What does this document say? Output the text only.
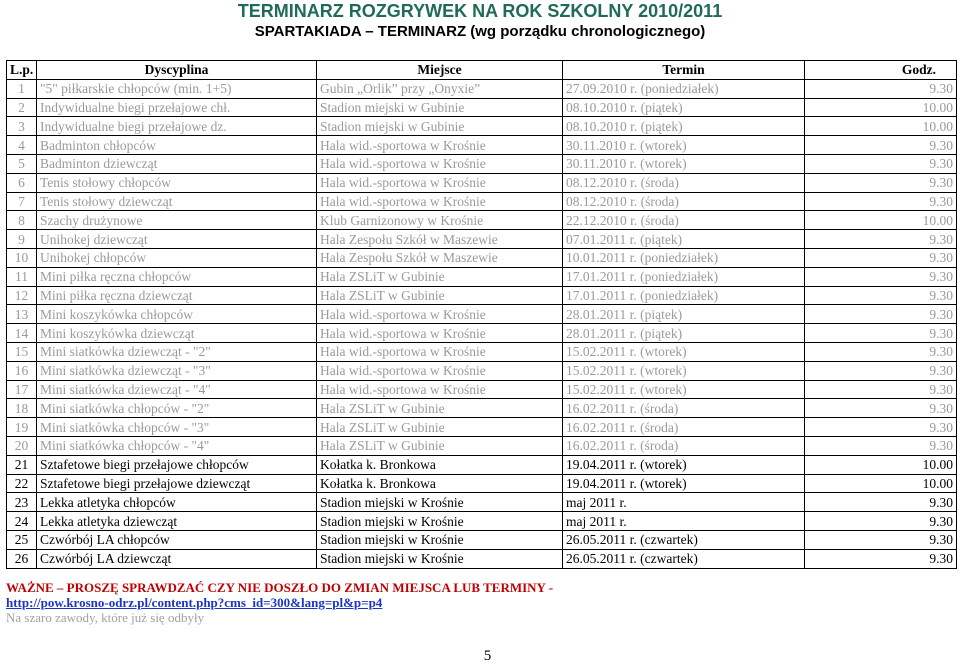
TERMINARZ ROZGRYWEK NA ROK SZKOLNY 2010/2011
SPARTAKIADA – TERMINARZ (wg porządku chronologicznego)
L.p.	Dyscyplina	Miejsce	Termin	Godz.
1	"5" piłkarskie chłopców (min. 1+5)	Gubin „Orlik” przy „Onyxie”	27.09.2010 r. (poniedziałek)	9.30
2	Indywidualne biegi przełajowe chł.	Stadion miejski w Gubinie	08.10.2010 r. (piątek)	10.00
3	Indywidualne biegi przełajowe dz.	Stadion miejski w Gubinie	08.10.2010 r. (piątek)	10.00
4	Badminton chłopców	Hala wid.-sportowa w Krośnie	30.11.2010 r. (wtorek)	9.30
5	Badminton dziewcząt	Hala wid.-sportowa w Krośnie	30.11.2010 r. (wtorek)	9.30
6	Tenis stołowy chłopców	Hala wid.-sportowa w Krośnie	08.12.2010 r. (środa)	9.30
7	Tenis stołowy dziewcząt	Hala wid.-sportowa w Krośnie	08.12.2010 r. (środa)	9.30
8	Szachy drużynowe	Klub Garnizonowy w Krośnie	22.12.2010 r. (środa)	10.00
9	Unihokej dziewcząt	Hala Zespołu Szkół w Maszewie	07.01.2011 r. (piątek)	9.30
10	Unihokej chłopców	Hala Zespołu Szkół w Maszewie	10.01.2011 r. (poniedziałek)	9.30
11	Mini piłka ręczna chłopców	Hala ZSLiT w Gubinie	17.01.2011 r. (poniedziałek)	9.30
12	Mini piłka ręczna dziewcząt	Hala ZSLiT w Gubinie	17.01.2011 r. (poniedziałek)	9.30
13	Mini koszykówka chłopców	Hala wid.-sportowa w Krośnie	28.01.2011 r. (piątek)	9.30
14	Mini koszykówka dziewcząt	Hala wid.-sportowa w Krośnie	28.01.2011 r. (piątek)	9.30
15	Mini siatkówka dziewcząt - "2"	Hala wid.-sportowa w Krośnie	15.02.2011 r. (wtorek)	9.30
16	Mini siatkówka dziewcząt - "3"	Hala wid.-sportowa w Krośnie	15.02.2011 r. (wtorek)	9.30
17	Mini siatkówka dziewcząt - "4"	Hala wid.-sportowa w Krośnie	15.02.2011 r. (wtorek)	9.30
18	Mini siatkówka chłopców - "2"	Hala ZSLiT w Gubinie	16.02.2011 r. (środa)	9.30
19	Mini siatkówka chłopców - "3"	Hala ZSLiT w Gubinie	16.02.2011 r. (środa)	9.30
20	Mini siatkówka chłopców - "4"	Hala ZSLiT w Gubinie	16.02.2011 r. (środa)	9.30
21	Sztafetowe biegi przełajowe chłopców	Kołatka k. Bronkowa	19.04.2011 r. (wtorek)	10.00
22	Sztafetowe biegi przełajowe dziewcząt	Kołatka k. Bronkowa	19.04.2011 r. (wtorek)	10.00
23	Lekka atletyka chłopców	Stadion miejski w Krośnie	maj 2011 r.	9.30
24	Lekka atletyka dziewcząt	Stadion miejski w Krośnie	maj 2011 r.	9.30
25	Czwórbój LA chłopców	Stadion miejski w Krośnie	26.05.2011 r. (czwartek)	9.30
26	Czwórbój LA dziewcząt	Stadion miejski w Krośnie	26.05.2011 r. (czwartek)	9.30
WAŻNE – PROSZĘ SPRAWDZAĆ CZY NIE DOSZŁO DO ZMIAN MIEJSCA LUB TERMINY -
http://pow.krosno-odrz.pl/content.php?cms_id=300&lang=pl&p=p4
Na szaro zawody, które już się odbyły
5
